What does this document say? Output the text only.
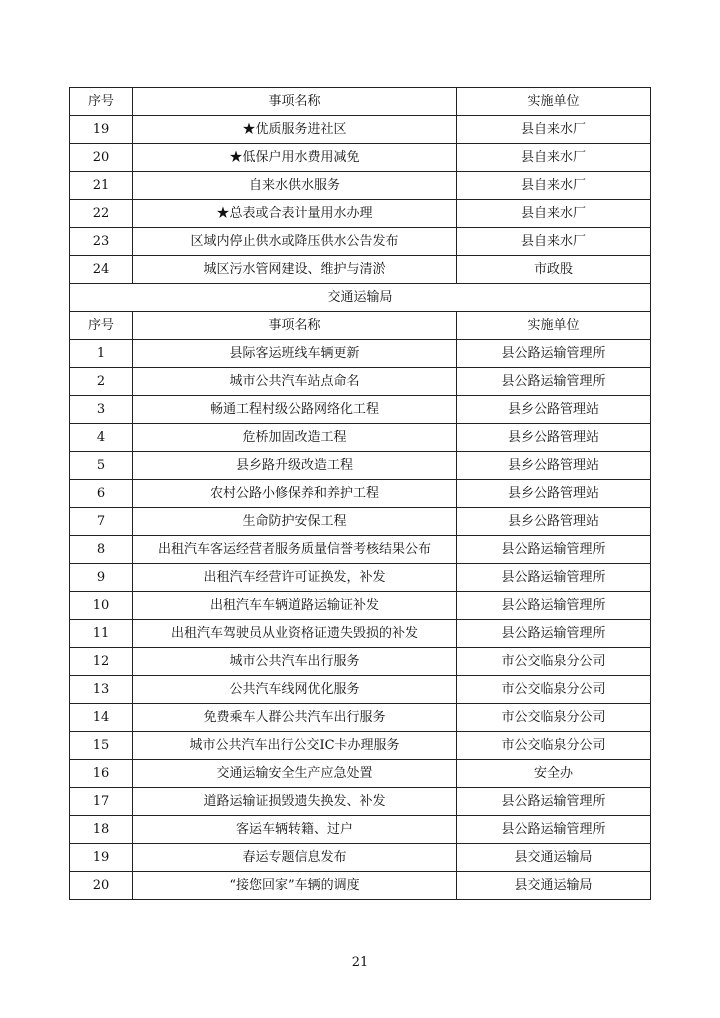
序号	事项名称	实施单位
19	★优质服务进社区	县自来水厂
20	★低保户用水费用减免	县自来水厂
21	自来水供水服务	县自来水厂
22	★总表或合表计量用水办理	县自来水厂
23	区域内停止供水或降压供水公告发布	县自来水厂
24	城区污水管网建设、维护与清淤	市政股
交通运输局		
序号	事项名称	实施单位
1	县际客运班线车辆更新	县公路运输管理所
2	城市公共汽车站点命名	县公路运输管理所
3	畅通工程村级公路网络化工程	县乡公路管理站
4	危桥加固改造工程	县乡公路管理站
5	县乡路升级改造工程	县乡公路管理站
6	农村公路小修保养和养护工程	县乡公路管理站
7	生命防护安保工程	县乡公路管理站
8	出租汽车客运经营者服务质量信誉考核结果公布	县公路运输管理所
9	出租汽车经营许可证换发，补发	县公路运输管理所
10	出租汽车车辆道路运输证补发	县公路运输管理所
11	出租汽车驾驶员从业资格证遗失毁损的补发	县公路运输管理所
12	城市公共汽车出行服务	市公交临泉分公司
13	公共汽车线网优化服务	市公交临泉分公司
14	免费乘车人群公共汽车出行服务	市公交临泉分公司
15	城市公共汽车出行公交IC卡办理服务	市公交临泉分公司
16	交通运输安全生产应急处置	安全办
17	道路运输证损毁遗失换发、补发	县公路运输管理所
18	客运车辆转籍、过户	县公路运输管理所
19	春运专题信息发布	县交通运输局
20	“接您回家”车辆的调度	县交通运输局
21
